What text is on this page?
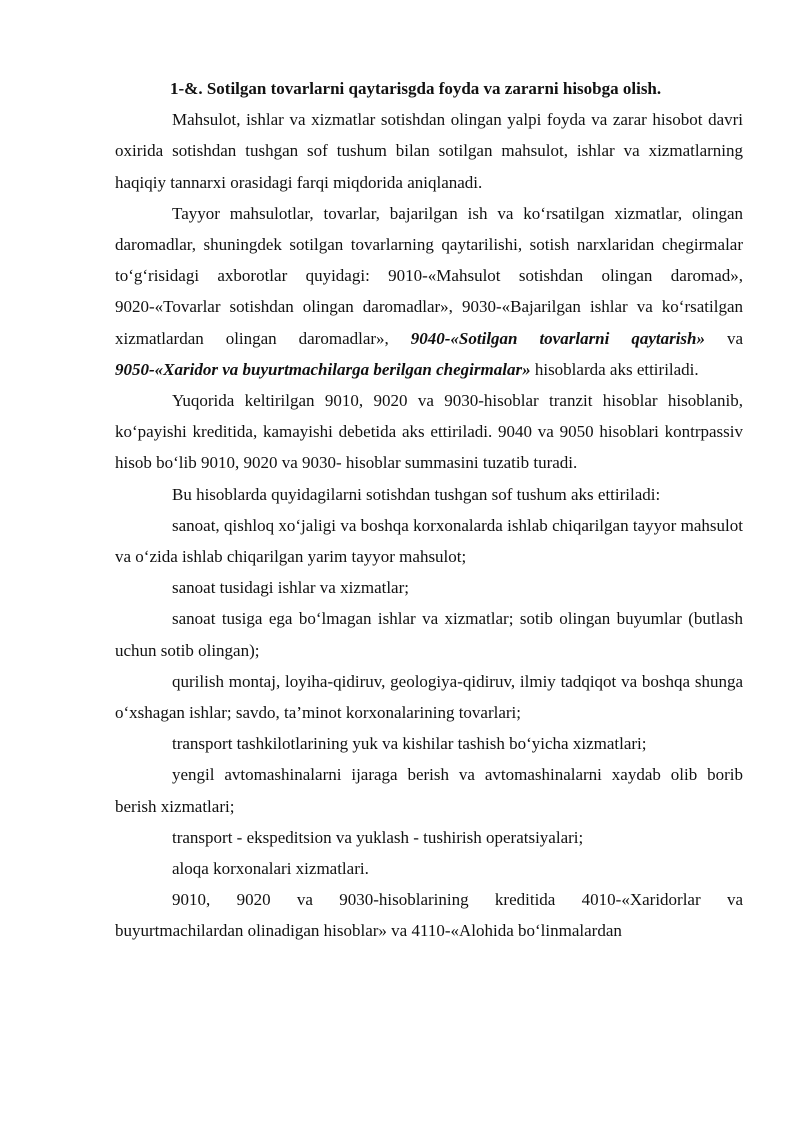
1-&. Sotilgan tovarlarni qaytarisgda foyda va zararni hisobga olish.

Mahsulot, ishlar va xizmatlar sotishdan olingan yalpi foyda va zarar hisobot davri oxirida sotishdan tushgan sof tushum bilan sotilgan mahsulot, ishlar va xizmatlarning haqiqiy tannarxi orasidagi farqi miqdorida aniqlanadi.

Tayyor mahsulotlar, tovarlar, bajarilgan ish va ko‘rsatilgan xizmatlar, olingan daromadlar, shuningdek sotilgan tovarlarning qaytarilishi, sotish narxlaridan chegirmalar to‘g‘risidagi axborotlar quyidagi: 9010-«Mahsulot sotishdan olingan daromad», 9020-«Tovarlar sotishdan olingan daromadlar», 9030-«Bajarilgan ishlar va ko‘rsatilgan xizmatlardan olingan daromadlar», 9040-«Sotilgan tovarlarni qaytarish» va 9050-«Xaridor va buyurtmachilarga berilgan chegirmalar» hisoblarda aks ettiriladi.

Yuqorida keltirilgan 9010, 9020 va 9030-hisoblar tranzit hisoblar hisoblanib, ko‘payishi kreditida, kamayishi debetida aks ettiriladi. 9040 va 9050 hisoblari kontrpassiv hisob bo‘lib 9010, 9020 va 9030- hisoblar summasini tuzatib turadi.

Bu hisoblarda quyidagilarni sotishdan tushgan sof tushum aks ettiriladi:

sanoat, qishloq xo‘jaligi va boshqa korxonalarda ishlab chiqarilgan tayyor mahsulot va o‘zida ishlab chiqarilgan yarim tayyor mahsulot;

sanoat tusidagi ishlar va xizmatlar;

sanoat tusiga ega bo‘lmagan ishlar va xizmatlar; sotib olingan buyumlar (butlash uchun sotib olingan);

qurilish montaj, loyiha-qidiruv, geologiya-qidiruv, ilmiy tadqiqot va boshqa shunga o‘xshagan ishlar; savdo, ta’minot korxonalarining tovarlari;

transport tashkilotlarining yuk va kishilar tashish bo‘yicha xizmatlari;

yengil avtomashinalarni ijaraga berish va avtomashinalarni xaydab olib borib berish xizmatlari;

transport - ekspeditsion va yuklash - tushirish operatsiyalari;

aloqa korxonalari xizmatlari.

9010, 9020 va 9030-hisoblarining kreditida 4010-«Xaridorlar va buyurtmachilardan olinadigan hisoblar» va 4110-«Alohida bo‘linmalardan
